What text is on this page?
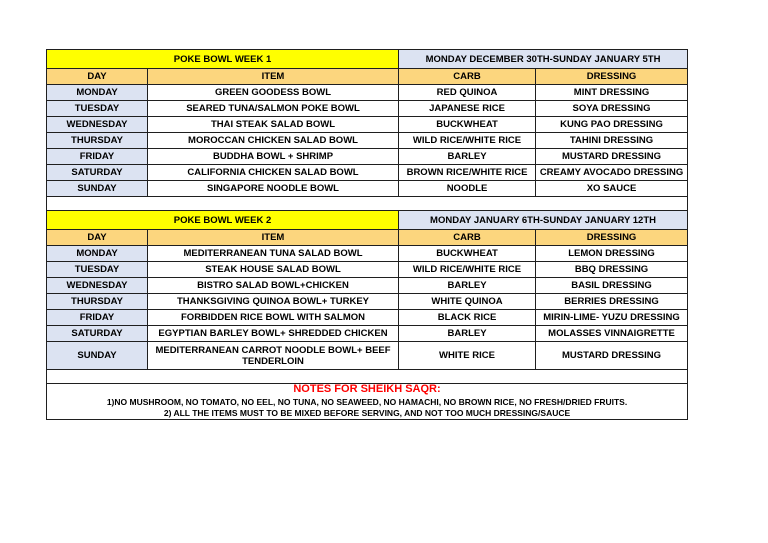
POKE BOWL WEEK 1		MONDAY DECEMBER 30TH-SUNDAY JANUARY 5TH	
DAY	ITEM	CARB	DRESSING
MONDAY	GREEN GOODESS BOWL	RED QUINOA	MINT DRESSING
TUESDAY	SEARED TUNA/SALMON POKE BOWL	JAPANESE RICE	SOYA DRESSING
WEDNESDAY	THAI STEAK SALAD BOWL	BUCKWHEAT	KUNG PAO DRESSING
THURSDAY	MOROCCAN CHICKEN SALAD BOWL	WILD RICE/WHITE RICE	TAHINI DRESSING
FRIDAY	BUDDHA BOWL + SHRIMP	BARLEY	MUSTARD DRESSING
SATURDAY	CALIFORNIA CHICKEN SALAD BOWL	BROWN RICE/WHITE RICE	CREAMY AVOCADO DRESSING
SUNDAY	SINGAPORE NOODLE BOWL	NOODLE	XO SAUCE

POKE BOWL WEEK 2		MONDAY JANUARY 6TH-SUNDAY JANUARY 12TH	
DAY	ITEM	CARB	DRESSING
MONDAY	MEDITERRANEAN TUNA SALAD BOWL	BUCKWHEAT	LEMON DRESSING
TUESDAY	STEAK HOUSE SALAD BOWL	WILD RICE/WHITE RICE	BBQ DRESSING
WEDNESDAY	BISTRO SALAD BOWL+CHICKEN	BARLEY	BASIL DRESSING
THURSDAY	THANKSGIVING QUINOA BOWL+ TURKEY	WHITE QUINOA	BERRIES DRESSING
FRIDAY	FORBIDDEN RICE BOWL WITH SALMON	BLACK RICE	MIRIN-LIME- YUZU DRESSING
SATURDAY	EGYPTIAN BARLEY BOWL+ SHREDDED CHICKEN	BARLEY	MOLASSES VINNAIGRETTE
SUNDAY	MEDITERRANEAN CARROT NOODLE BOWL+ BEEF TENDERLOIN	WHITE RICE	MUSTARD DRESSING

NOTES FOR SHEIKH SAQR:
1)NO MUSHROOM, NO TOMATO, NO EEL, NO TUNA, NO SEAWEED, NO HAMACHI, NO BROWN RICE, NO FRESH/DRIED FRUITS.
2) ALL THE ITEMS MUST TO BE MIXED BEFORE SERVING, AND NOT TOO MUCH DRESSING/SAUCE			
